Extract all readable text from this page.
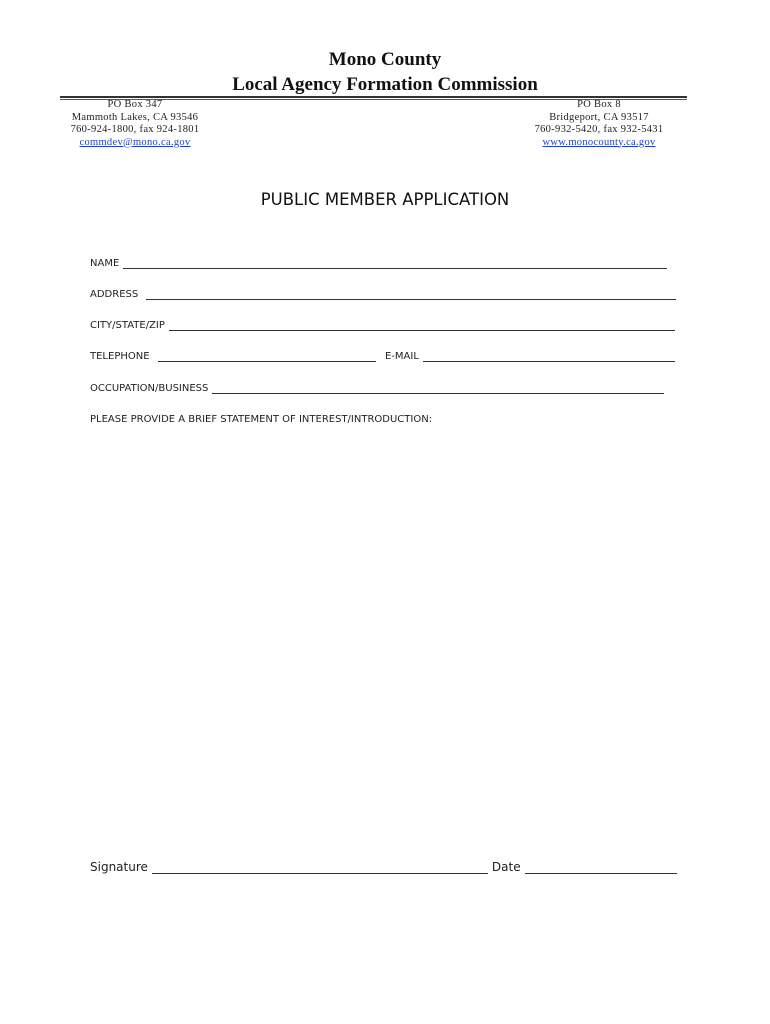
Mono County
Local Agency Formation Commission
PO Box 347
Mammoth Lakes, CA 93546
760-924-1800, fax 924-1801
commdev@mono.ca.gov
PO Box 8
Bridgeport, CA 93517
760-932-5420, fax 932-5431
www.monocounty.ca.gov
PUBLIC MEMBER APPLICATION
NAME
ADDRESS
CITY/STATE/ZIP
TELEPHONE	E-MAIL
OCCUPATION/BUSINESS
PLEASE PROVIDE A BRIEF STATEMENT OF INTEREST/INTRODUCTION:
Signature	Date
